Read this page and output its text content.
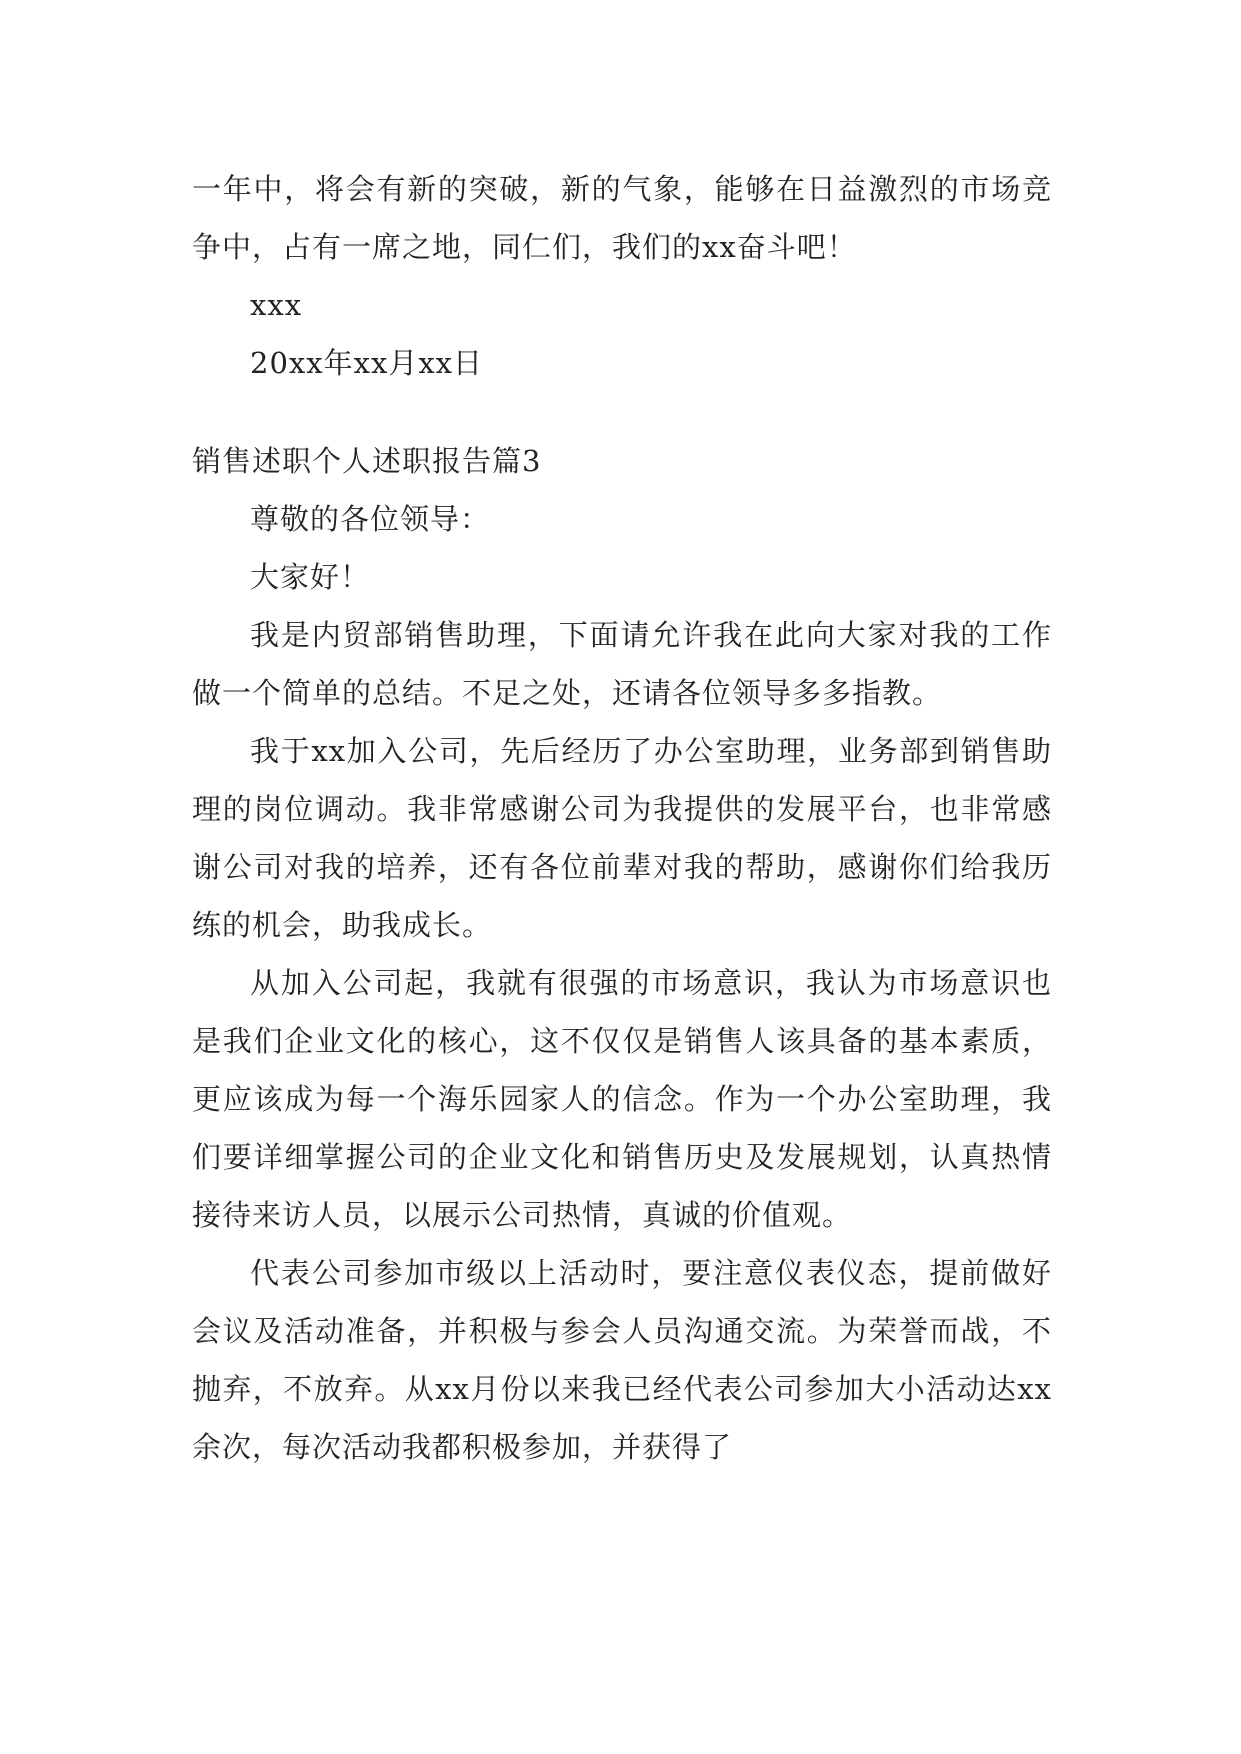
一年中，将会有新的突破，新的气象，能够在日益激烈的市场竞争中，占有一席之地，同仁们，我们的xx奋斗吧！

xxx

20xx年xx月xx日

销售述职个人述职报告篇3

尊敬的各位领导：

大家好！

我是内贸部销售助理，下面请允许我在此向大家对我的工作做一个简单的总结。不足之处，还请各位领导多多指教。

我于xx加入公司，先后经历了办公室助理，业务部到销售助理的岗位调动。我非常感谢公司为我提供的发展平台，也非常感谢公司对我的培养，还有各位前辈对我的帮助，感谢你们给我历练的机会，助我成长。

从加入公司起，我就有很强的市场意识，我认为市场意识也是我们企业文化的核心，这不仅仅是销售人该具备的基本素质，更应该成为每一个海乐园家人的信念。作为一个办公室助理，我们要详细掌握公司的企业文化和销售历史及发展规划，认真热情接待来访人员，以展示公司热情，真诚的价值观。

代表公司参加市级以上活动时，要注意仪表仪态，提前做好会议及活动准备，并积极与参会人员沟通交流。为荣誉而战，不抛弃，不放弃。从xx月份以来我已经代表公司参加大小活动达xx余次，每次活动我都积极参加，并获得了
